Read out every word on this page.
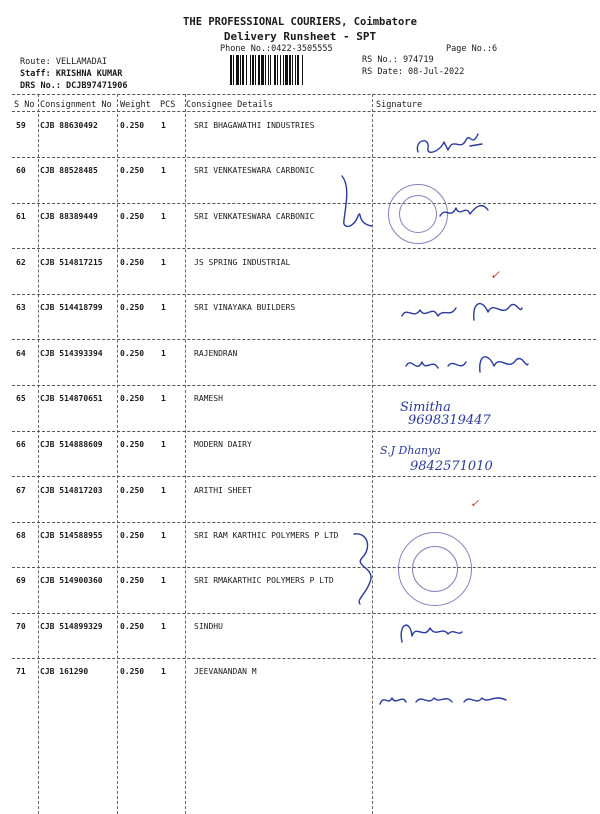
THE PROFESSIONAL COURIERS, Coimbatore
Delivery Runsheet - SPT
Phone No.:0422-3505555	Page No.:6
RS No.: 974719
RS Date: 08-Jul-2022
Route: VELLAMADAI
Staff: KRISHNA KUMAR
DRS No.: DCJB97471906
S No Consignment No Weight PCS Consignee Details	Signature
59 CJB 88630492	0.250 1	SRI BHAGAWATHI INDUSTRIES
60 CJB 88528485	0.250 1	SRI VENKATESWARA CARBONIC
61 CJB 88389449	0.250 1	SRI VENKATESWARA CARBONIC
62 CJB 514817215 0.250 1	JS SPRING INDUSTRIAL
63 CJB 514418799 0.250 1	SRI VINAYAKA BUILDERS
64 CJB 514393394 0.250 1	RAJENDRAN
65 CJB 514870651 0.250 1	RAMESH
66 CJB 514888609 0.250 1	MODERN DAIRY
67 CJB 514817203 0.250 1	ARITHI SHEET
68 CJB 514588955 0.250 1	SRI RAM KARTHIC POLYMERS P LTD
69 CJB 514900360 0.250 1	SRI RMAKARTHIC POLYMERS P LTD
70 CJB 514899329 0.250 1	SINDHU
71 CJB 161290	0.250 1	JEEVANANDAN M
✓
Simitha
9698319447
S.J Dhanya
9842571010
✓
